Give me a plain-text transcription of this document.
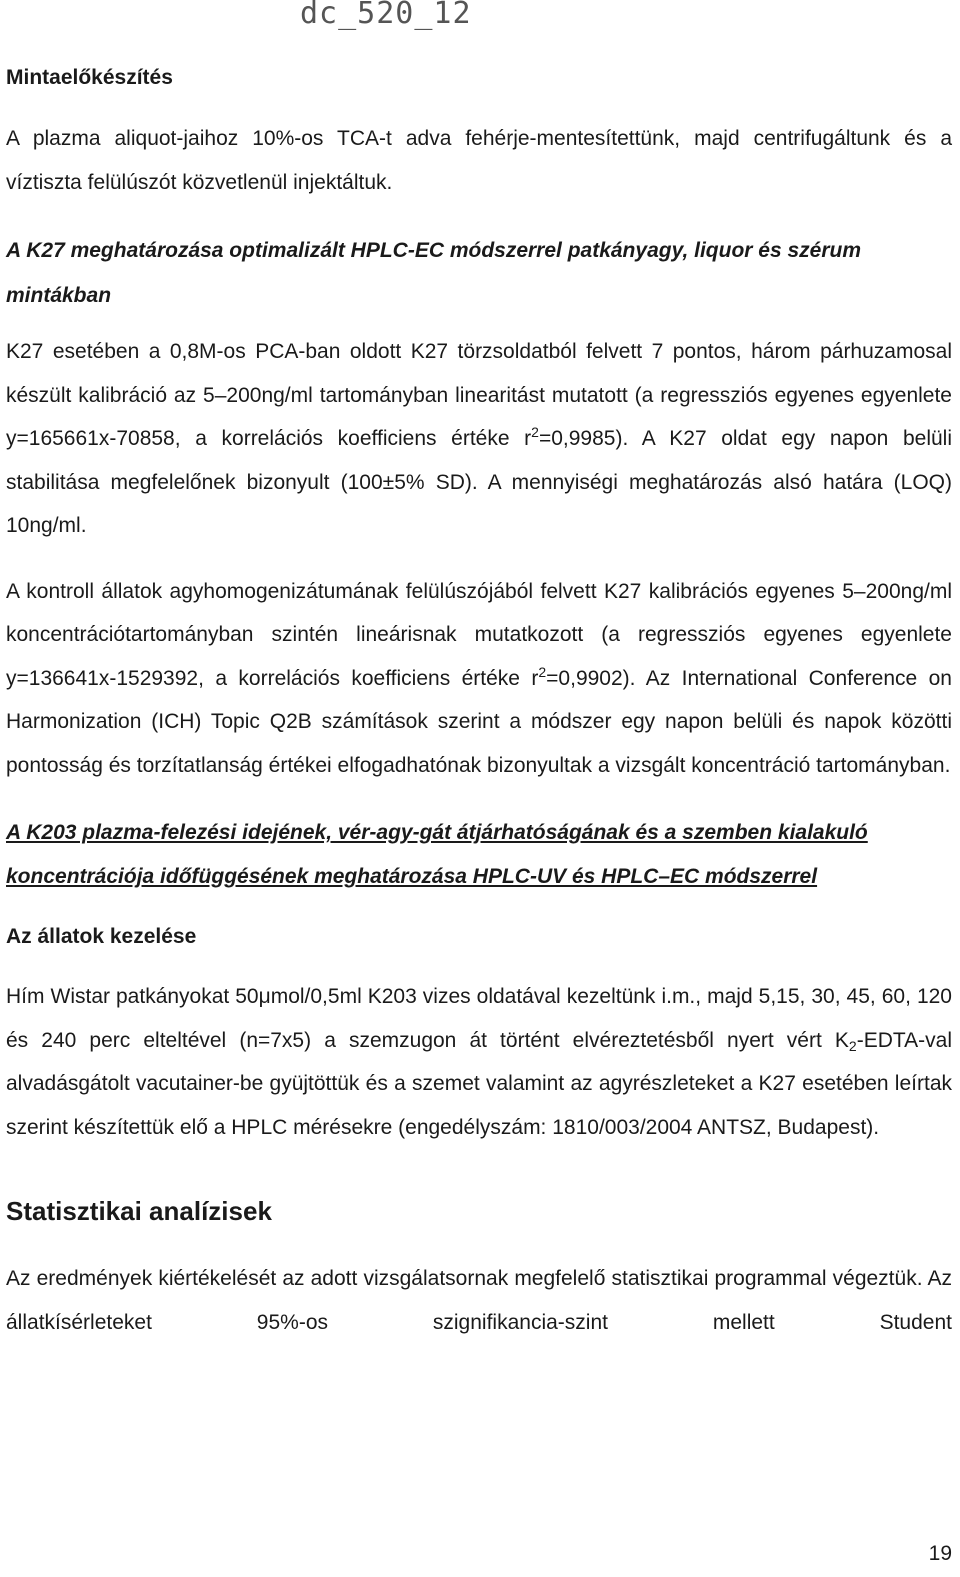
dc_520_12
Mintaelőkészítés

A plazma aliquot-jaihoz 10%-os TCA-t adva fehérje-mentesítettünk, majd centrifugáltunk és a víztiszta felülúszót közvetlenül injektáltuk.

A K27 meghatározása optimalizált HPLC-EC módszerrel patkányagy, liquor és szérum mintákban

K27 esetében a 0,8M-os PCA-ban oldott K27 törzsoldatból felvett 7 pontos, három párhuzamosal készült kalibráció az 5–200ng/ml tartományban linearitást mutatott (a regressziós egyenes egyenlete y=165661x-70858, a korrelációs koefficiens értéke $r^2=0,9985$). A K27 oldat egy napon belüli stabilitása megfelelőnek bizonyult (100±5% SD). A mennyiségi meghatározás alsó határa (LOQ) 10ng/ml.

A kontroll állatok agyhomogenizátumának felülúszójából felvett K27 kalibrációs egyenes 5–200ng/ml koncentrációtartományban szintén lineárisnak mutatkozott (a regressziós egyenes egyenlete y=136641x-1529392, a korrelációs koefficiens értéke $r^2=0,9902$). Az International Conference on Harmonization (ICH) Topic Q2B számítások szerint a módszer egy napon belüli és napok közötti pontosság és torzítatlanság értékei elfogadhatónak bizonyultak a vizsgált koncentráció tartományban.

A K203 plazma-felezési idejének, vér-agy-gát átjárhatóságának és a szemben kialakuló koncentrációja időfüggésének meghatározása HPLC-UV és HPLC–EC módszerrel
Az állatok kezelése

Hím Wistar patkányokat 50μmol/0,5ml K203 vizes oldatával kezeltünk i.m., majd 5,15, 30, 45, 60, 120 és 240 perc elteltével (n=7x5) a szemzugon át történt elvéreztetésből nyert vért $K_2-EDTA$-val alvadásgátolt vacutainer-be gyüjtöttük és a szemet valamint az agyrészleteket a K27 esetében leírtak szerint készítettük elő a HPLC mérésekre (engedélyszám: 1810/003/2004 ANTSZ, Budapest).

Statisztikai analízisek

Az eredmények kiértékelését az adott vizsgálatsornak megfelelő statisztikai programmal végeztük. Az állatkísérleteket 95%-os szignifikancia-szint mellett Student

19
